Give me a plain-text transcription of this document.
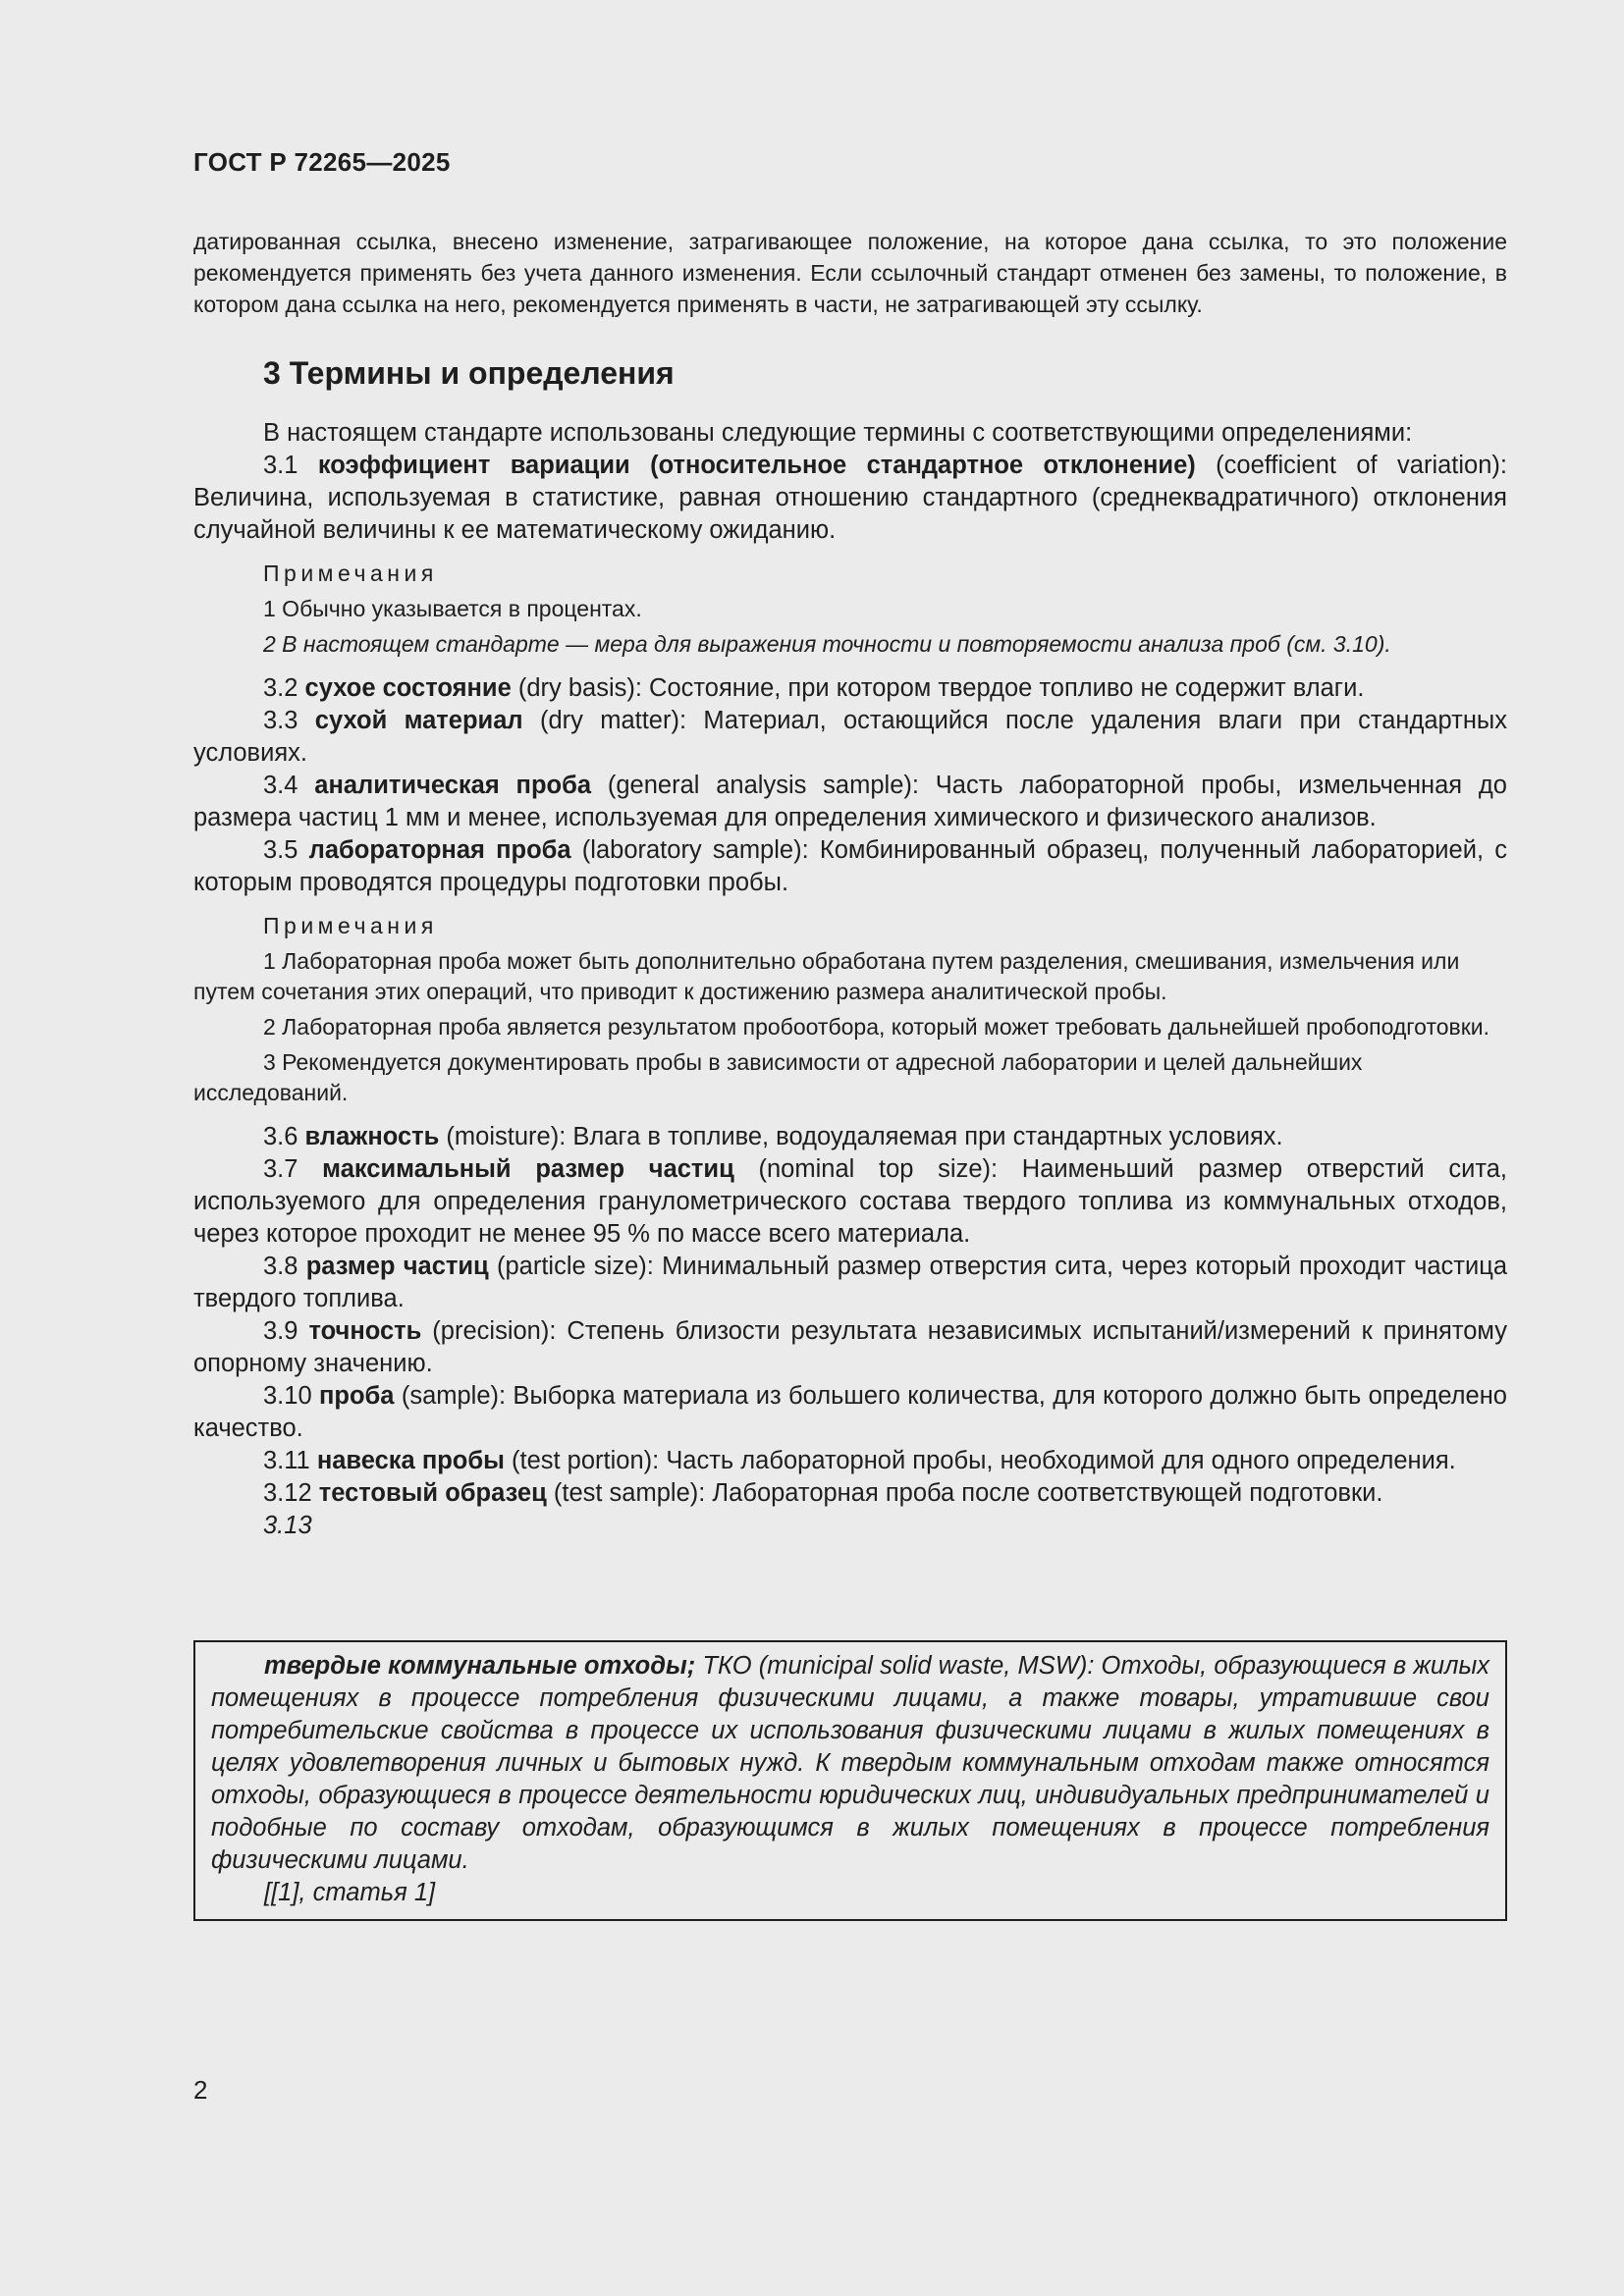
ГОСТ Р 72265—2025

датированная ссылка, внесено изменение, затрагивающее положение, на которое дана ссылка, то это положение рекомендуется применять без учета данного изменения. Если ссылочный стандарт отменен без замены, то положение, в котором дана ссылка на него, рекомендуется применять в части, не затрагивающей эту ссылку.

3 Термины и определения

В настоящем стандарте использованы следующие термины с соответствующими определениями:

3.1 коэффициент вариации (относительное стандартное отклонение) (coefficient of variation): Величина, используемая в статистике, равная отношению стандартного (среднеквадратичного) отклонения случайной величины к ее математическому ожиданию.

Примечания

1 Обычно указывается в процентах.

2 В настоящем стандарте — мера для выражения точности и повторяемости анализа проб (см. 3.10).

3.2 сухое состояние (dry basis): Состояние, при котором твердое топливо не содержит влаги.

3.3 сухой материал (dry matter): Материал, остающийся после удаления влаги при стандартных условиях.

3.4 аналитическая проба (general analysis sample): Часть лабораторной пробы, измельченная до размера частиц 1 мм и менее, используемая для определения химического и физического анализов.

3.5 лабораторная проба (laboratory sample): Комбинированный образец, полученный лабораторией, с которым проводятся процедуры подготовки пробы.

Примечания

1 Лабораторная проба может быть дополнительно обработана путем разделения, смешивания, измельчения или путем сочетания этих операций, что приводит к достижению размера аналитической пробы.

2 Лабораторная проба является результатом пробоотбора, который может требовать дальнейшей пробоподготовки.

3 Рекомендуется документировать пробы в зависимости от адресной лаборатории и целей дальнейших исследований.

3.6 влажность (moisture): Влага в топливе, водоудаляемая при стандартных условиях.

3.7 максимальный размер частиц (nominal top size): Наименьший размер отверстий сита, используемого для определения гранулометрического состава твердого топлива из коммунальных отходов, через которое проходит не менее 95 % по массе всего материала.

3.8 размер частиц (particle size): Минимальный размер отверстия сита, через который проходит частица твердого топлива.

3.9 точность (precision): Степень близости результата независимых испытаний/измерений к принятому опорному значению.

3.10 проба (sample): Выборка материала из большего количества, для которого должно быть определено качество.

3.11 навеска пробы (test portion): Часть лабораторной пробы, необходимой для одного определения.

3.12 тестовый образец (test sample): Лабораторная проба после соответствующей подготовки.

3.13

твердые коммунальные отходы; ТКО (municipal solid waste, MSW): Отходы, образующиеся в жилых помещениях в процессе потребления физическими лицами, а также товары, утратившие свои потребительские свойства в процессе их использования физическими лицами в жилых помещениях в целях удовлетворения личных и бытовых нужд. К твердым коммунальным отходам также относятся отходы, образующиеся в процессе деятельности юридических лиц, индивидуальных предпринимателей и подобные по составу отходам, образующимся в жилых помещениях в процессе потребления физическими лицами.

[[1], статья 1]

2
